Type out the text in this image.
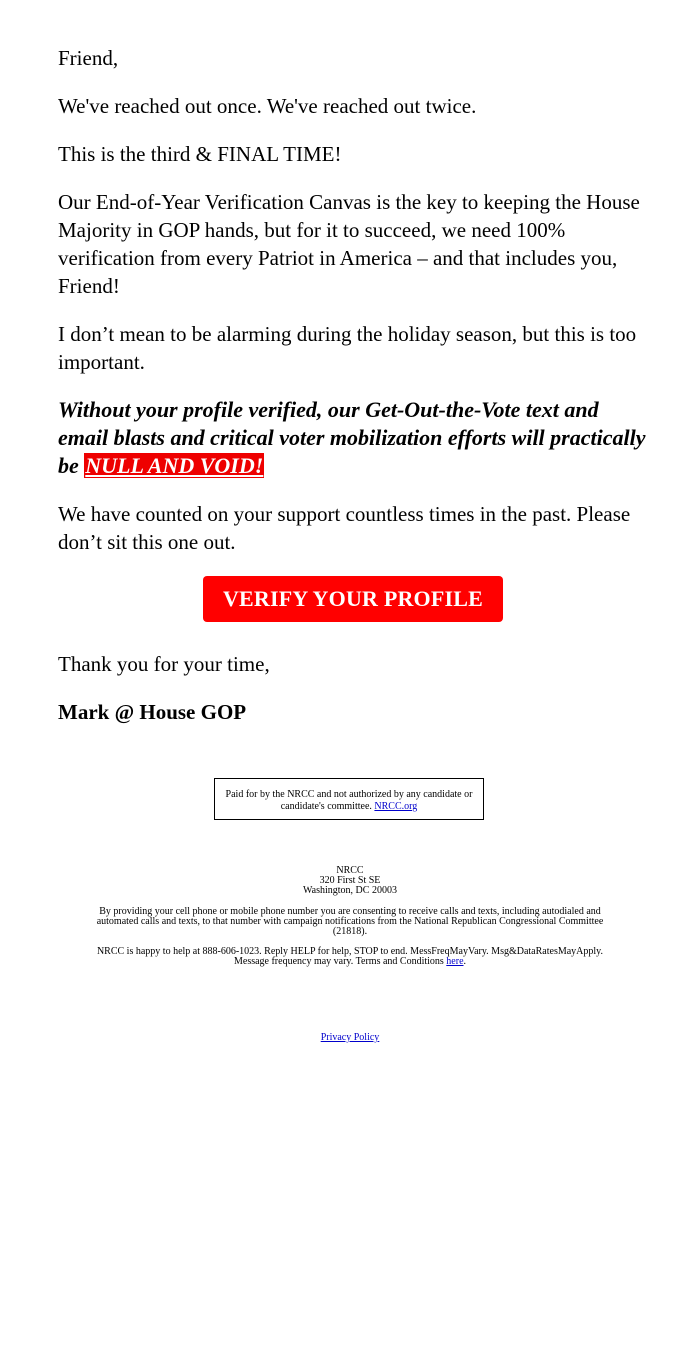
Friend,

We've reached out once. We've reached out twice.

This is the third & FINAL TIME!

Our End-of-Year Verification Canvas is the key to keeping the House Majority in GOP hands, but for it to succeed, we need 100% verification from every Patriot in America – and that includes you, Friend!

I don’t mean to be alarming during the holiday season, but this is too important.

Without your profile verified, our Get-Out-the-Vote text and email blasts and critical voter mobilization efforts will practically be NULL AND VOID!

We have counted on your support countless times in the past. Please don’t sit this one out.

VERIFY YOUR PROFILE

Thank you for your time,

Mark @ House GOP

Paid for by the NRCC and not authorized by any candidate or candidate's committee. NRCC.org
NRCC
320 First St SE
Washington, DC 20003
By providing your cell phone or mobile phone number you are consenting to receive calls and texts, including autodialed and automated calls and texts, to that number with campaign notifications from the National Republican Congressional Committee (21818).
NRCC is happy to help at 888-606-1023. Reply HELP for help, STOP to end. MessFreqMayVary. Msg&DataRatesMayApply. Message frequency may vary. Terms and Conditions here.
Privacy Policy
